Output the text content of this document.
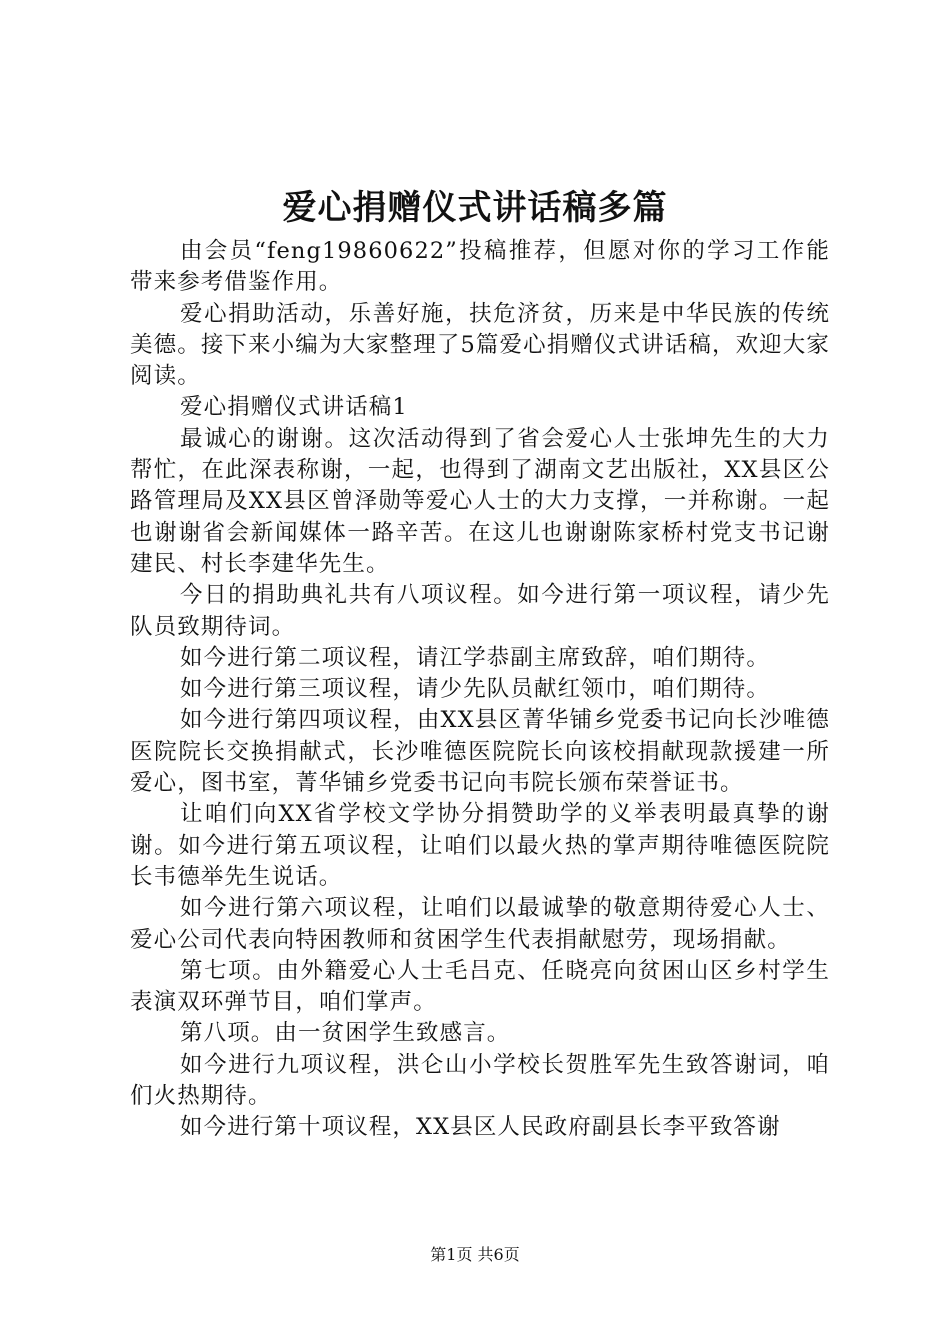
爱心捐赠仪式讲话稿多篇

由会员“feng19860622”投稿推荐，但愿对你的学习工作能带来参考借鉴作用。

爱心捐助活动，乐善好施，扶危济贫，历来是中华民族的传统美德。接下来小编为大家整理了5篇爱心捐赠仪式讲话稿，欢迎大家阅读。

爱心捐赠仪式讲话稿1

最诚心的谢谢。这次活动得到了省会爱心人士张坤先生的大力帮忙，在此深表称谢，一起，也得到了湖南文艺出版社，XX县区公路管理局及XX县区曾泽勋等爱心人士的大力支撑，一并称谢。一起也谢谢省会新闻媒体一路辛苦。在这儿也谢谢陈家桥村党支书记谢建民、村长李建华先生。

今日的捐助典礼共有八项议程。如今进行第一项议程，请少先队员致期待词。

如今进行第二项议程，请江学恭副主席致辞，咱们期待。

如今进行第三项议程，请少先队员献红领巾，咱们期待。

如今进行第四项议程，由XX县区菁华铺乡党委书记向长沙唯德医院院长交换捐献式，长沙唯德医院院长向该校捐献现款援建一所爱心，图书室，菁华铺乡党委书记向韦院长颁布荣誉证书。

让咱们向XX省学校文学协分捐赞助学的义举表明最真挚的谢谢。如今进行第五项议程，让咱们以最火热的掌声期待唯德医院院长韦德举先生说话。

如今进行第六项议程，让咱们以最诚挚的敬意期待爱心人士、爱心公司代表向特困教师和贫困学生代表捐献慰劳，现场捐献。

第七项。由外籍爱心人士毛吕克、任晓亮向贫困山区乡村学生表演双环弹节目，咱们掌声。

第八项。由一贫困学生致感言。

如今进行九项议程，洪仑山小学校长贺胜军先生致答谢词，咱们火热期待。

如今进行第十项议程，XX县区人民政府副县长李平致答谢

第1页 共6页
